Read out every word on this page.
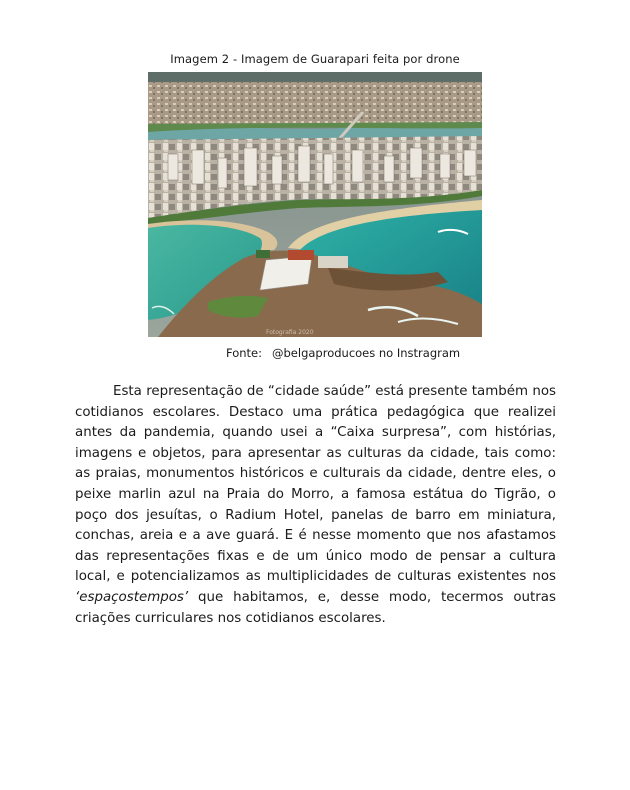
Imagem 2 - Imagem de Guarapari feita por drone
Fotografia 2020
Fonte: @belgaproducoes no Instragram
Esta representação de “cidade saúde” está presente também nos cotidianos escolares. Destaco uma prática pedagógica que realizei antes da pandemia, quando usei a “Caixa surpresa”, com histórias, imagens e objetos, para apresentar as culturas da cidade, tais como: as praias, monumentos históricos e culturais da cidade, dentre eles, o peixe marlin azul na Praia do Morro, a famosa estátua do Tigrão, o poço dos jesuítas, o Radium Hotel, panelas de barro em miniatura, conchas, areia e a ave guará. E é nesse momento que nos afastamos das representações fixas e de um único modo de pensar a cultura local, e potencializamos as multiplicidades de culturas existentes nos ‘espaçostempos’ que habitamos, e, desse modo, tecermos outras criações curriculares nos cotidianos escolares.
